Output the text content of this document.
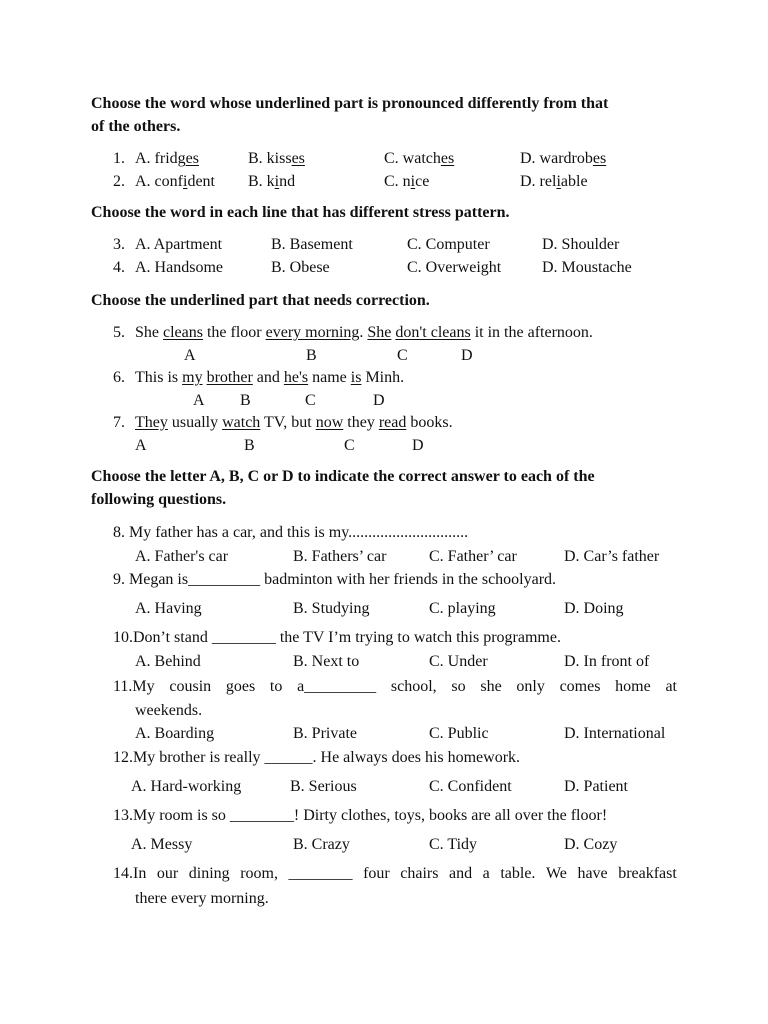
Choose the word whose underlined part is pronounced differently from that
of the others.
1. A. fridges	B. kisses	C. watches	D. wardrobes
2. A. confident B. kind	C. nice	D. reliable
Choose the word in each line that has different stress pattern.
3. A. Apartment	B. Basement	C. Computer	D. Shoulder
4. A. Handsome	B. Obese	C. Overweight	D. Moustache
Choose the underlined part that needs correction.
5. She cleans the floor every morning. She don't cleans it in the afternoon.
A	B	C	D
6. This is my brother and he's name is Minh.
A B	C	D
7. They usually watch TV, but now they read books.
A	B	C	D
Choose the letter A, B, C or D to indicate the correct answer to each of the
following questions.
8. My father has a car, and this is my..............................
A. Father's car	B. Fathers’ car	C. Father’ car	D. Car’s father
9. Megan is_________ badminton with her friends in the schoolyard.
A. Having	B. Studying	C. playing	D. Doing
10.Don’t stand ________ the TV I’m trying to watch this programme.
A. Behind	B. Next to	C. Under	D. In front of
11.My cousin goes to a_________ school, so she only comes home at
weekends.
A. Boarding	B. Private	C. Public	D. International
12.My brother is really ______. He always does his homework.
A. Hard-working	B. Serious	C. Confident	D. Patient
13.My room is so ________! Dirty clothes, toys, books are all over the floor!
A. Messy	B. Crazy	C. Tidy	D. Cozy
14.In our dining room, ________ four chairs and a table. We have breakfast
there every morning.
